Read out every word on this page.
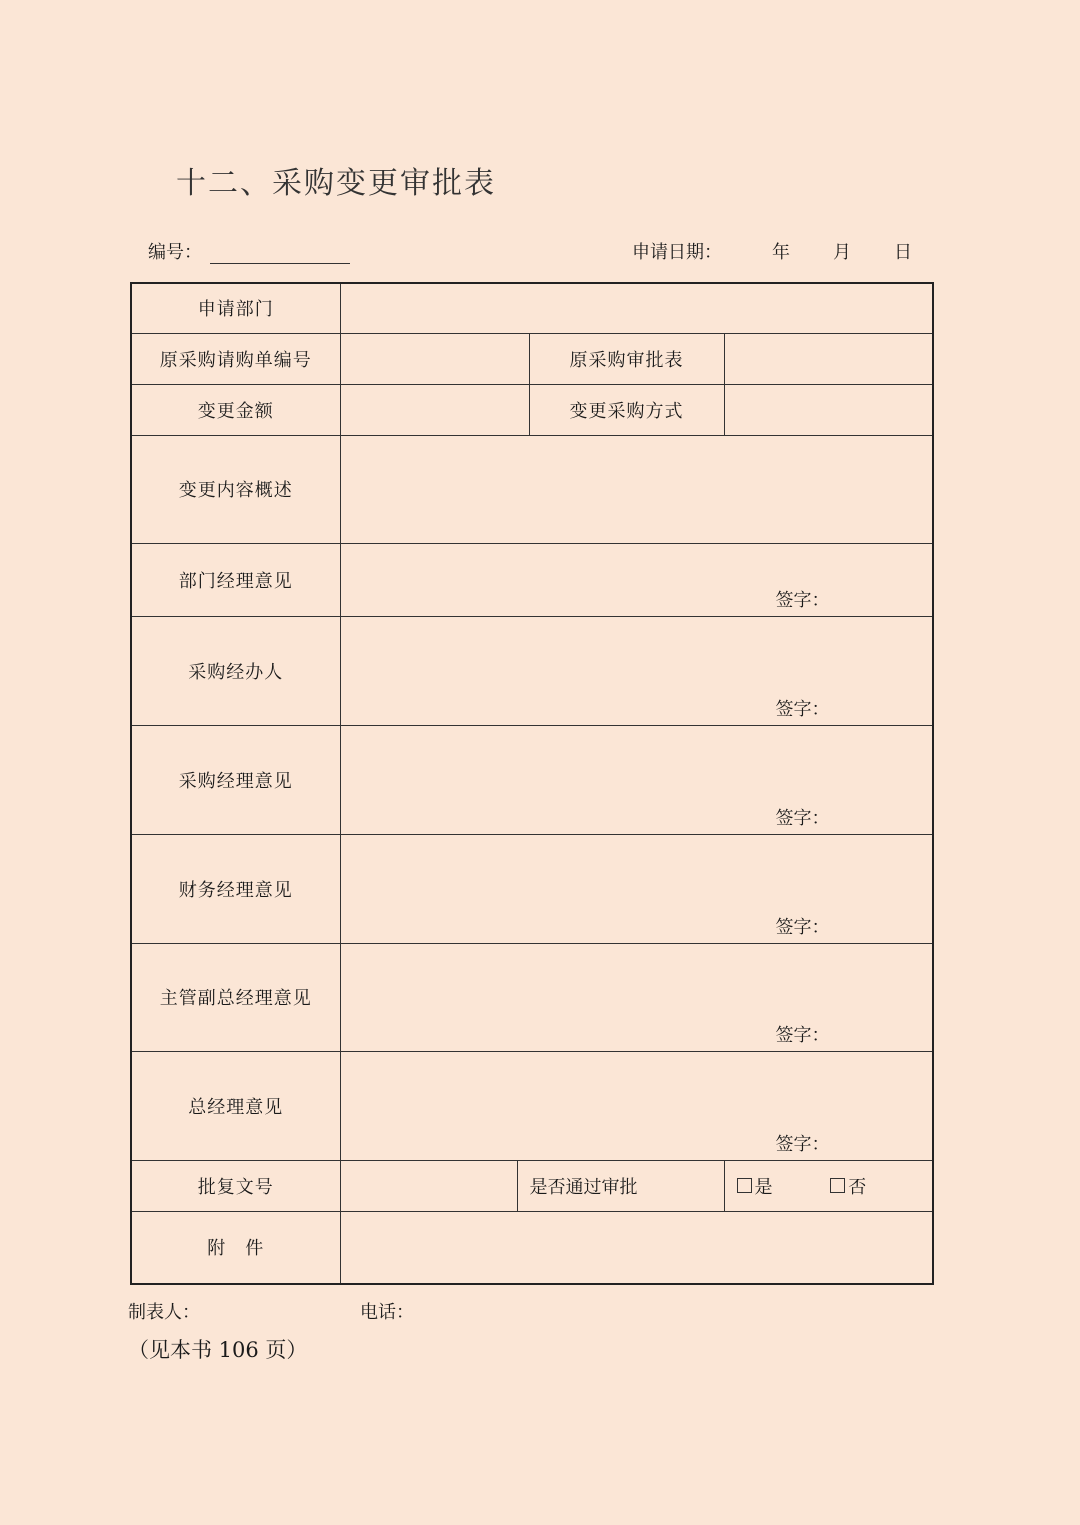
十二、采购变更审批表
编号：	申请日期：	年	月	日
申请部门				
原采购请购单编号			原采购审批表	
变更金额			变更采购方式	
变更内容概述				
部门经理意见	签字：			

采购经办人	签字：			

采购经理意见	签字：			

财务经理意见	签字：			

主管副总经理意见	签字：			

总经理意见	签字：			

批复文号		是否通过审批		是
否

附　件				
制表人：	电话：
（见本书 106 页）
